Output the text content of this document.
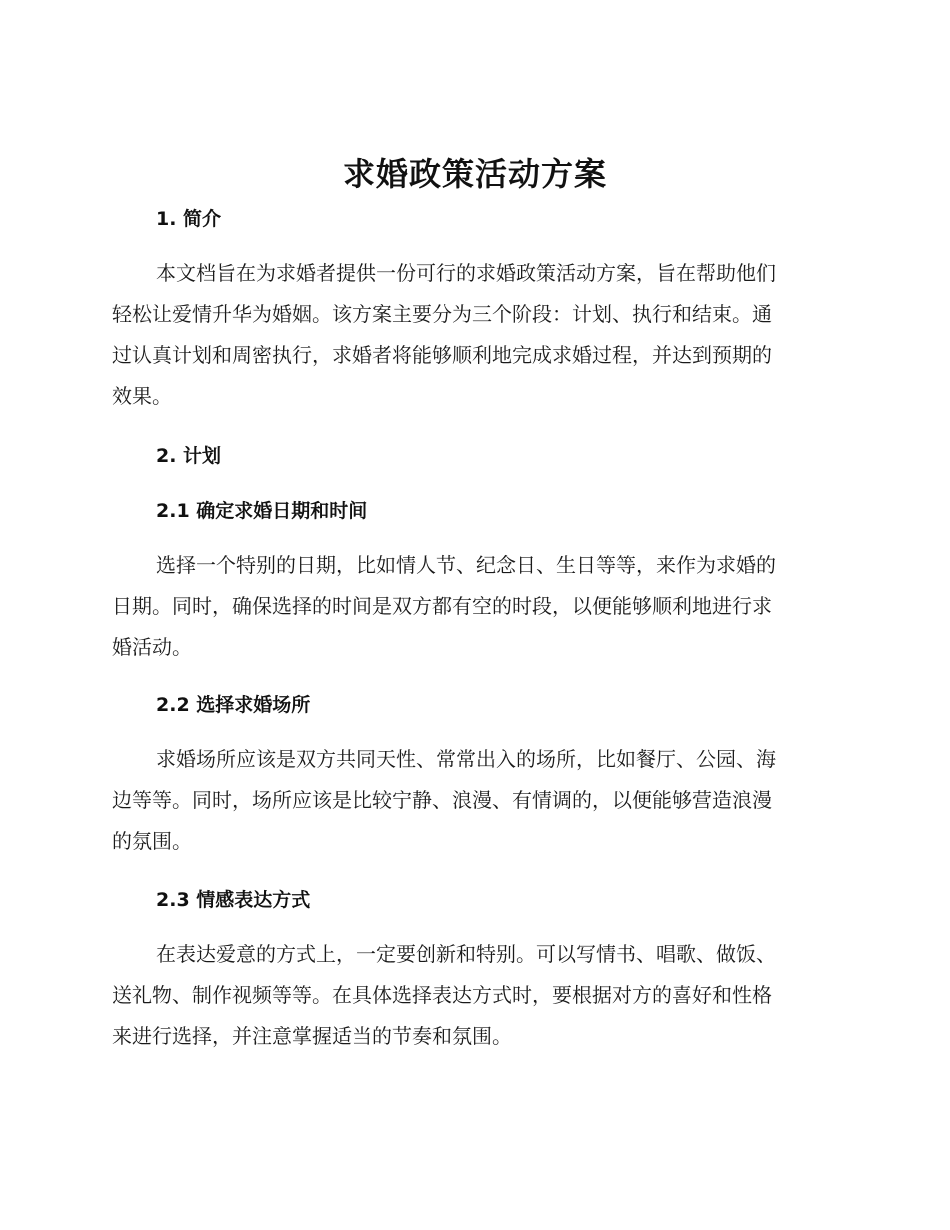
求婚政策活动方案
1. 简介
本文档旨在为求婚者提供一份可行的求婚政策活动方案，旨在帮助他们
轻松让爱情升华为婚姻。该方案主要分为三个阶段：计划、执行和结束。通
过认真计划和周密执行，求婚者将能够顺利地完成求婚过程，并达到预期的
效果。
2. 计划
2.1 确定求婚日期和时间
选择一个特别的日期，比如情人节、纪念日、生日等等，来作为求婚的
日期。同时，确保选择的时间是双方都有空的时段，以便能够顺利地进行求
婚活动。
2.2 选择求婚场所
求婚场所应该是双方共同天性、常常出入的场所，比如餐厅、公园、海
边等等。同时，场所应该是比较宁静、浪漫、有情调的，以便能够营造浪漫
的氛围。
2.3 情感表达方式
在表达爱意的方式上，一定要创新和特别。可以写情书、唱歌、做饭、
送礼物、制作视频等等。在具体选择表达方式时，要根据对方的喜好和性格
来进行选择，并注意掌握适当的节奏和氛围。
